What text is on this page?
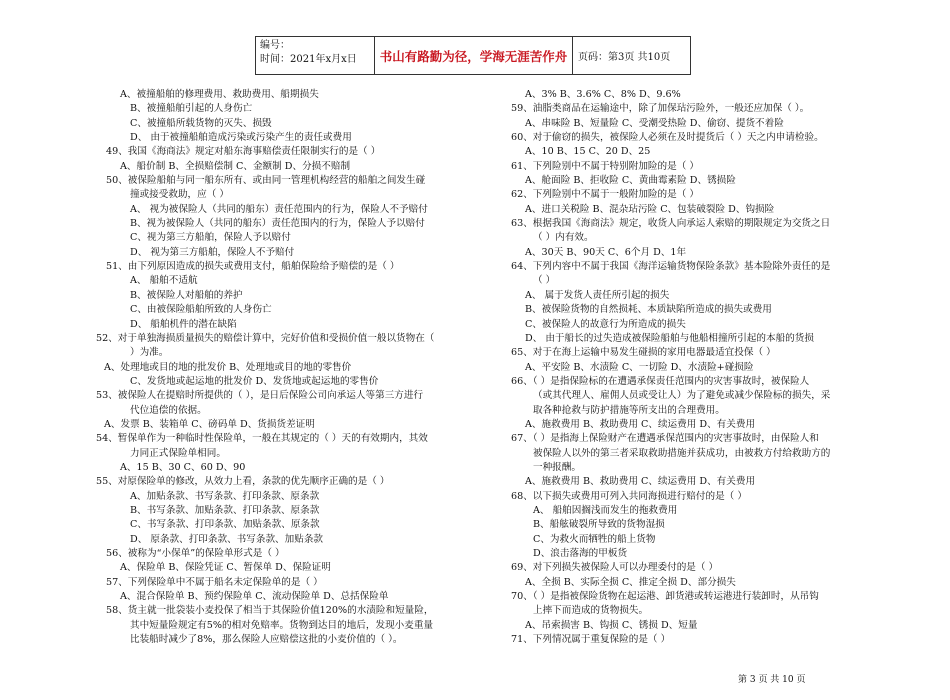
编号：
时间：2021年x月x日	书山有路勤为径，学海无涯苦作舟	页码：第3页 共10页
A、被撞船舶的修理费用、救助费用、船期损失
B、被撞船舶引起的人身伤亡
C、被撞船所载货物的灭失、损毁
D、 由于被撞船舶造成污染或污染产生的责任或费用
49、我国《海商法》规定对船东海事赔偿责任限制实行的是（ ）
A、船价制 B、全损赔偿制 C、金额制 D、分损不赔制
50、被保险船舶与同一船东所有、或由同一管理机构经营的船舶之间发生碰
撞或接受救助，应（ ）
A、 视为被保险人（共同的船东）责任范围内的行为，保险人不予赔付
B、视为被保险人（共同的船东）责任范围内的行为，保险人予以赔付
C、视为第三方船舶，保险人予以赔付
D、 视为第三方船舶，保险人不予赔付
51、由下列原因造成的损失或费用支付，船舶保险给予赔偿的是（ ）
A、 船舶不适航
B、被保险人对船舶的养护
C、由被保险船舶所致的人身伤亡
D、 船舶机件的潜在缺陷
52、对于单独海损质量损失的赔偿计算中，完好价值和受损价值一般以货物在（
）为准。
A、处理地或目的地的批发价 B、处理地或目的地的零售价
C、发货地或起运地的批发价 D、发货地或起运地的零售价
53、被保险人在提赔时所提供的（ ），是日后保险公司向承运人等第三方进行
代位追偿的依据。
A、发票 B、装箱单 C、磅码单 D、货损货差证明
54、暂保单作为一种临时性保险单，一般在其规定的（ ）天的有效期内，其效
力同正式保险单相同。
A、15 B、30 C、60 D、90
55、对原保险单的修改，从效力上看，条款的优先顺序正确的是（ ）
A、加贴条款、书写条款、打印条款、原条款
B、书写条款、加贴条款、打印条款、原条款
C、书写条款、打印条款、加贴条款、原条款
D、 原条款、打印条款、书写条款、加贴条款
56、被称为“小保单”的保险单形式是（ ）
A、保险单 B、保险凭证 C、暂保单 D、保险证明
57、下列保险单中不属于船名未定保险单的是（ ）
A、混合保险单 B、预约保险单 C、流动保险单 D、总括保险单
58、货主就一批袋装小麦投保了相当于其保险价值120%的水渍险和短量险，
其中短量险规定有5%的相对免赔率。货物到达目的地后，发现小麦重量
比装船时减少了8%，那么保险人应赔偿这批的小麦价值的（ ）。
A、3% B、3.6% C、8% D、9.6%
59、油脂类商品在运输途中，除了加保玷污险外，一般还应加保（ ）。
A、串味险 B、短量险 C、受潮受热险 D、偷窃、提货不着险
60、对于偷窃的损失，被保险人必须在及时提货后（ ）天之内申请检验。
A、10 B、15 C、20 D、25
61、下列险别中不属于特别附加险的是（ ）
A、舱面险 B、拒收险 C、黄曲霉素险 D、锈损险
62、下列险别中不属于一般附加险的是（ ）
A、进口关税险 B、混杂玷污险 C、包装破裂险 D、钩损险
63、根据我国《海商法》规定，收货人向承运人索赔的期限规定为交货之日
（ ）内有效。
A、30天 B、90天 C、6个月 D、1年
64、下列内容中不属于我国《海洋运输货物保险条款》基本险除外责任的是
（ ）
A、 属于发货人责任所引起的损失
B、被保险货物的自然损耗、本质缺陷所造成的损失或费用
C、被保险人的故意行为所造成的损失
D、 由于船长的过失造成被保险船舶与他船相撞所引起的本船的货损
65、对于在海上运输中易发生碰损的家用电器最适宜投保（ ）
A、平安险 B、水渍险 C、一切险 D、水渍险+碰损险
66、（ ）是指保险标的在遭遇承保责任范围内的灾害事故时，被保险人
（或其代理人、雇佣人员或受让人）为了避免或减少保险标的损失，采
取各种抢救与防护措施等所支出的合理费用。
A、施救费用 B、救助费用 C、续运费用 D、有关费用
67、（ ）是指海上保险财产在遭遇承保范围内的灾害事故时，由保险人和
被保险人以外的第三者采取救助措施并获成功，由被救方付给救助方的
一种报酬。
A、施救费用 B、救助费用 C、续运费用 D、有关费用
68、以下损失或费用可列入共同海损进行赔付的是（ ）
A、 船舶因搁浅而发生的拖救费用
B、船舷破裂所导致的货物湿损
C、为救火而牺牲的船上货物
D、浪击落海的甲板货
69、对下列损失被保险人可以办理委付的是（ ）
A、全损 B、实际全损 C、推定全损 D、部分损失
70、（ ）是指被保险货物在起运港、卸货港或转运港进行装卸时，从吊钩
上摔下而造成的货物损失。
A、吊索损害 B、钩损 C、锈损 D、短量
71、下列情况属于重复保险的是（ ）
第 3 页 共 10 页
